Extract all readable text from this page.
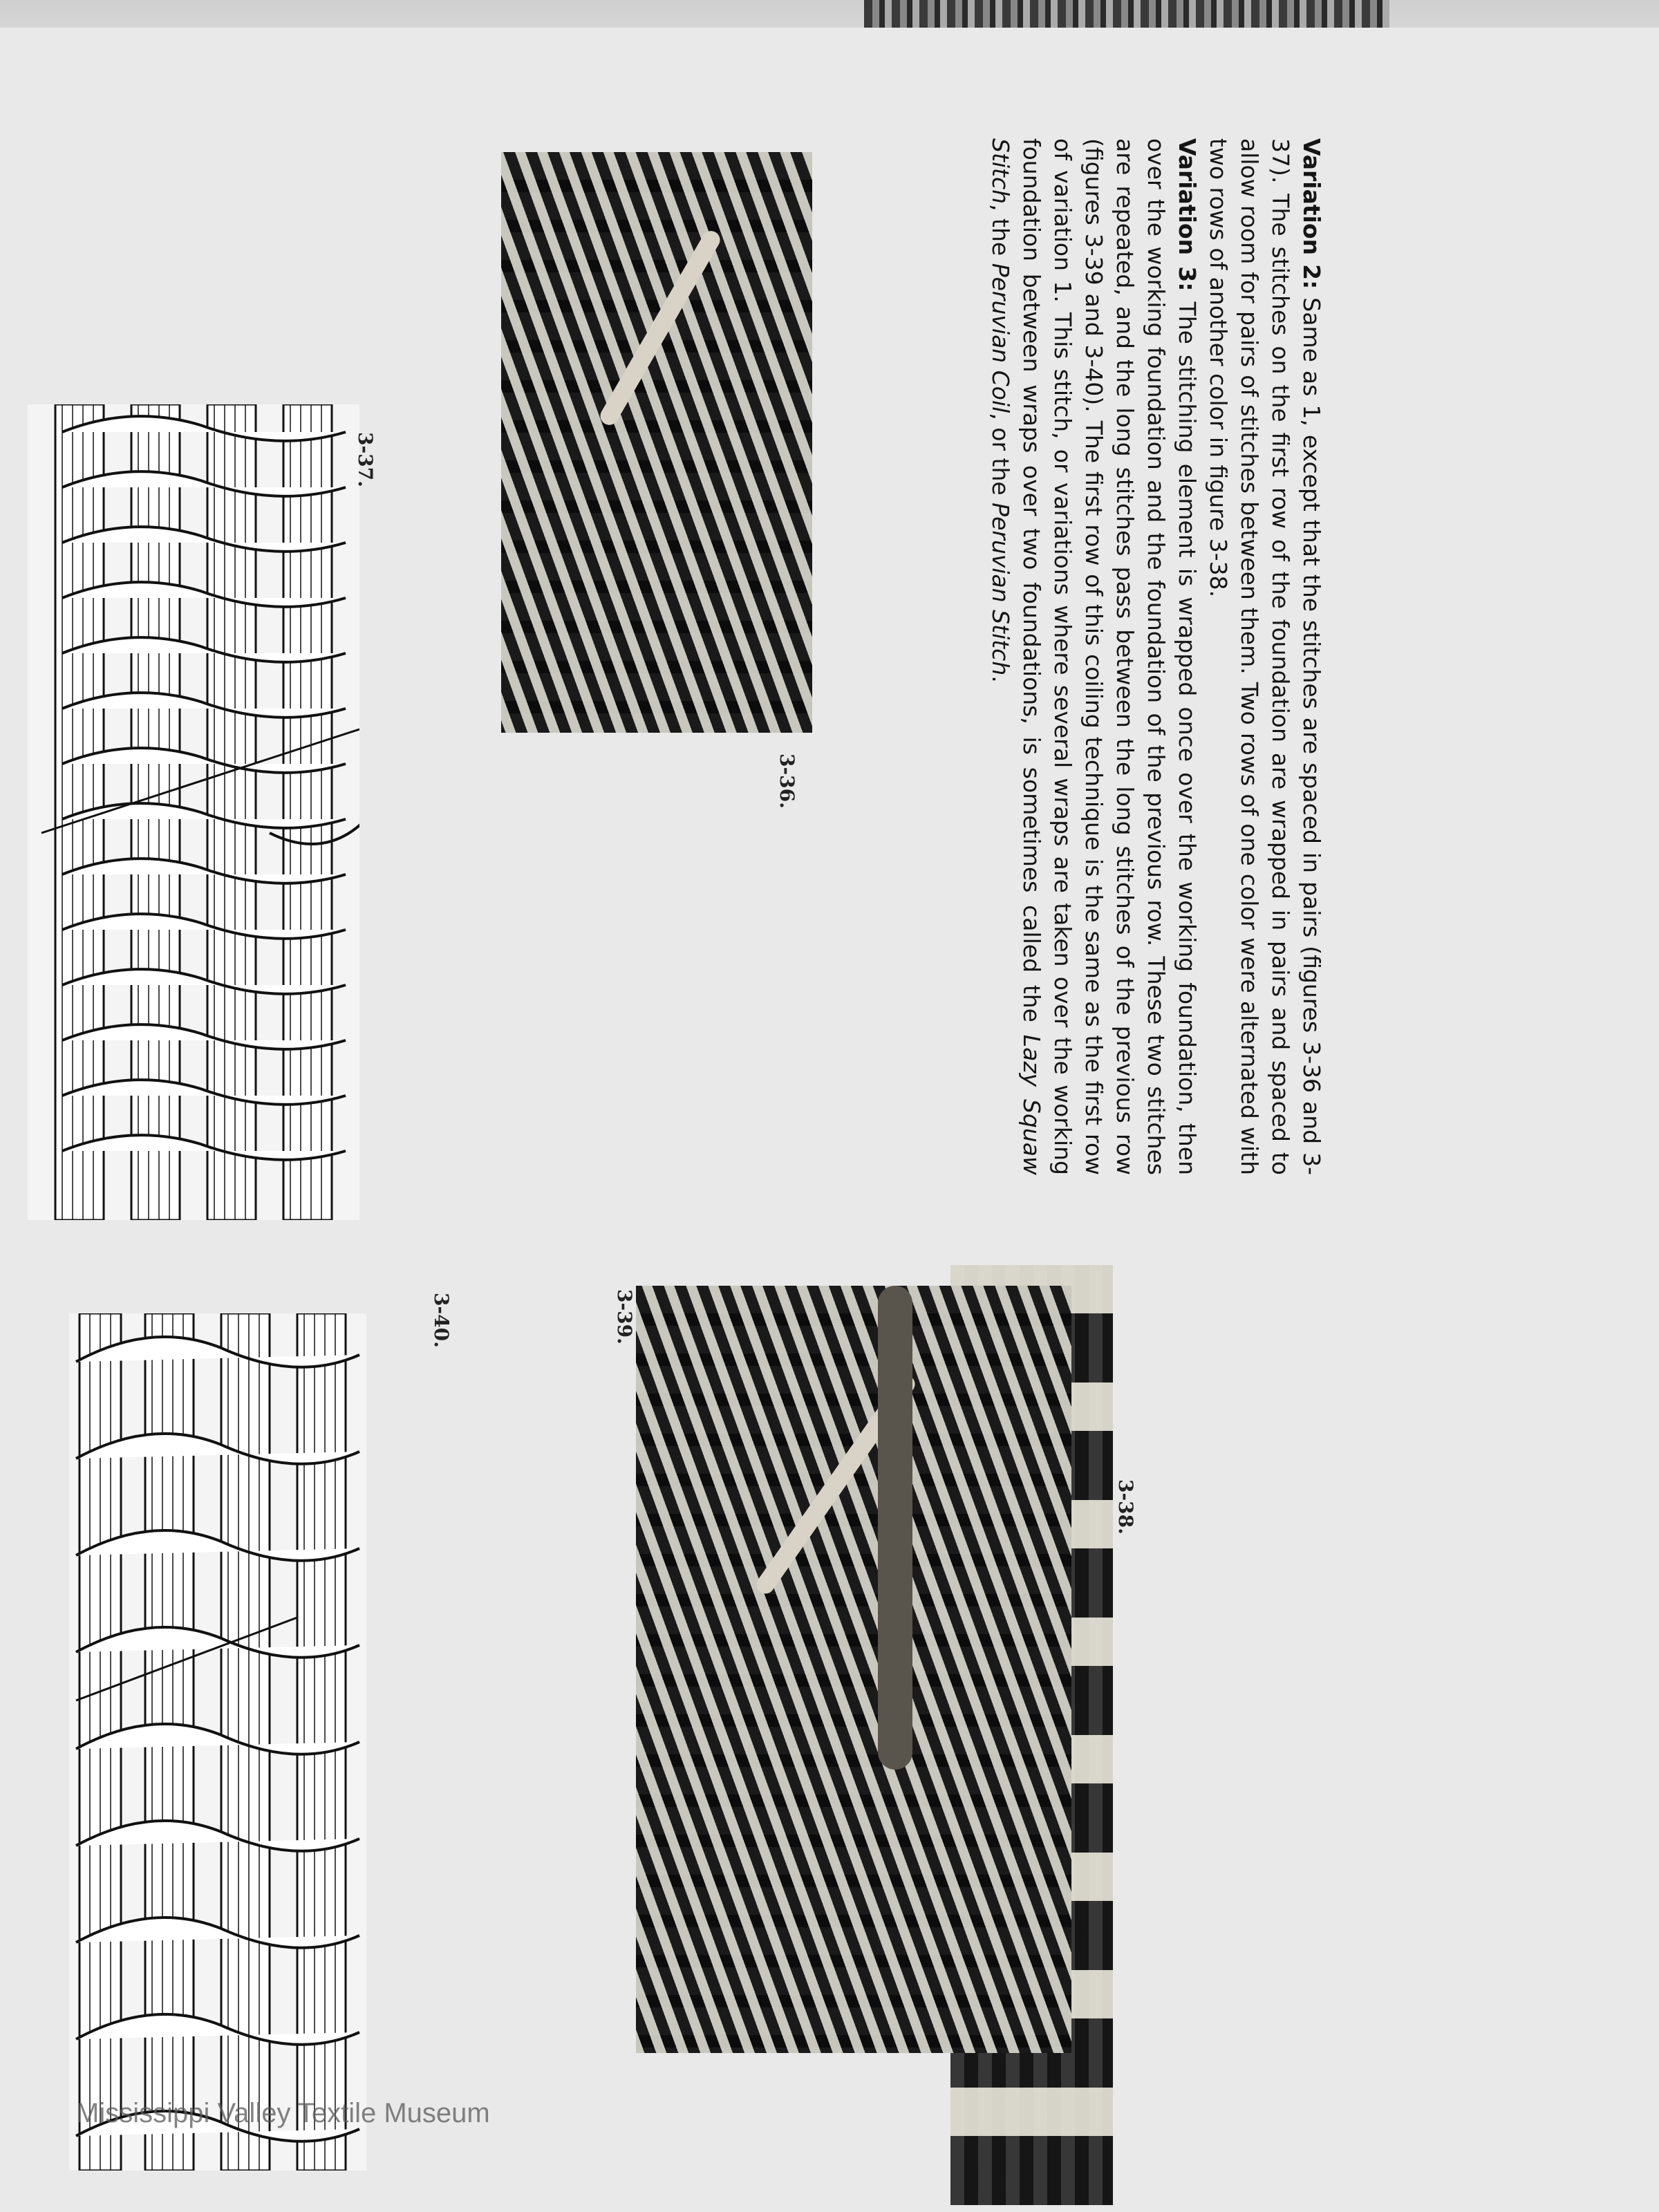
Variation 2: Same as 1, except that the stitches are spaced in pairs (figures 3-36 and 3-37). The stitches on the first row of the foundation are wrapped in pairs and spaced to allow room for pairs of stitches between them. Two rows of one color were alternated with two rows of another color in figure 3-38.

Variation 3: The stitching element is wrapped once over the working foundation, then over the working foundation and the foundation of the previous row. These two stitches are repeated, and the long stitches pass between the long stitches of the previous row (figures 3-39 and 3-40). The first row of this coiling technique is the same as the first row of variation 1. This stitch, or variations where several wraps are taken over the working foundation between wraps over two foundations, is sometimes called the Lazy Squaw Stitch, the Peruvian Coil, or the Peruvian Stitch.

3-36.
3-37.
3-38.
3-39.
3-40.
Mississippi Valley Textile Museum
